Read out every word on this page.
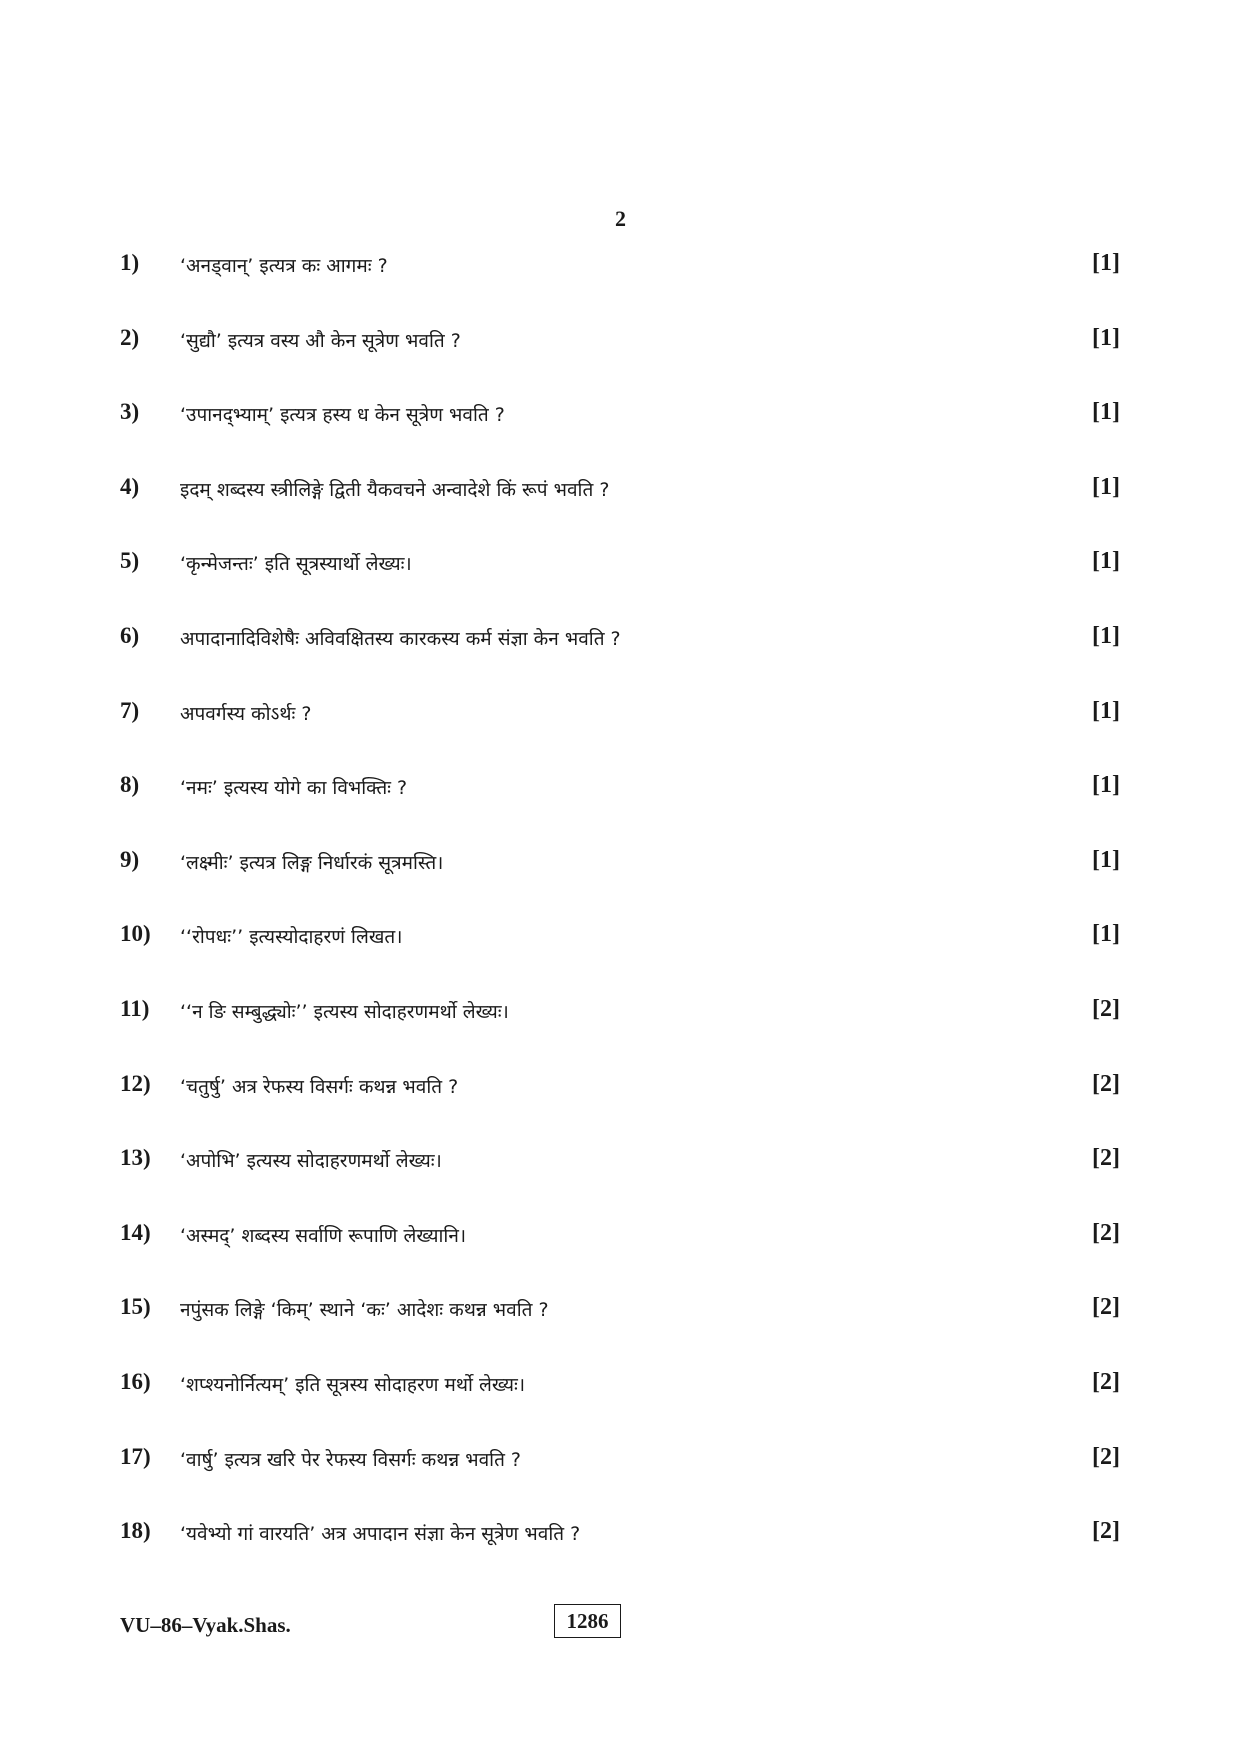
2
1) ‘अनड्वान्’ इत्यत्र कः आगमः ?	[1]
2) ‘सुद्यौ’ इत्यत्र वस्य औ केन सूत्रेण भवति ?	[1]
3) ‘उपानद्भ्याम्’ इत्यत्र हस्य ध केन सूत्रेण भवति ?	[1]
4) इदम् शब्दस्य स्त्रीलिङ्गे द्विती यैकवचने अन्वादेशे किं रूपं भवति ?	[1]
5) ‘कृन्मेजन्तः’ इति सूत्रस्यार्थो लेख्यः।	[1]
6) अपादानादिविशेषैः अविवक्षितस्य कारकस्य कर्म संज्ञा केन भवति ?	[1]
7) अपवर्गस्य कोऽर्थः ?	[1]
8) ‘नमः’ इत्यस्य योगे का विभक्तिः ?	[1]
9) ‘लक्ष्मीः’ इत्यत्र लिङ्ग निर्धारकं सूत्रमस्ति।	[1]
10) ‘‘रोपधः’’ इत्यस्योदाहरणं लिखत।	[1]
11) ‘‘न ङि सम्बुद्ध्योः’’ इत्यस्य सोदाहरणमर्थो लेख्यः।	[2]
12) ‘चतुर्षु’ अत्र रेफस्य विसर्गः कथन्न भवति ?	[2]
13) ‘अपोभि’ इत्यस्य सोदाहरणमर्थो लेख्यः।	[2]
14) ‘अस्मद्’ शब्दस्य सर्वाणि रूपाणि लेख्यानि।	[2]
15) नपुंसक लिङ्गे ‘किम्’ स्थाने ‘कः’ आदेशः कथन्न भवति ?	[2]
16) ‘शप्श्यनोर्नित्यम्’ इति सूत्रस्य सोदाहरण मर्थो लेख्यः।	[2]
17) ‘वार्षु’ इत्यत्र खरि पेर रेफस्य विसर्गः कथन्न भवति ?	[2]
18) ‘यवेभ्यो गां वारयति’ अत्र अपादान संज्ञा केन सूत्रेण भवति ?	[2]
VU–86–Vyak.Shas.	1286
